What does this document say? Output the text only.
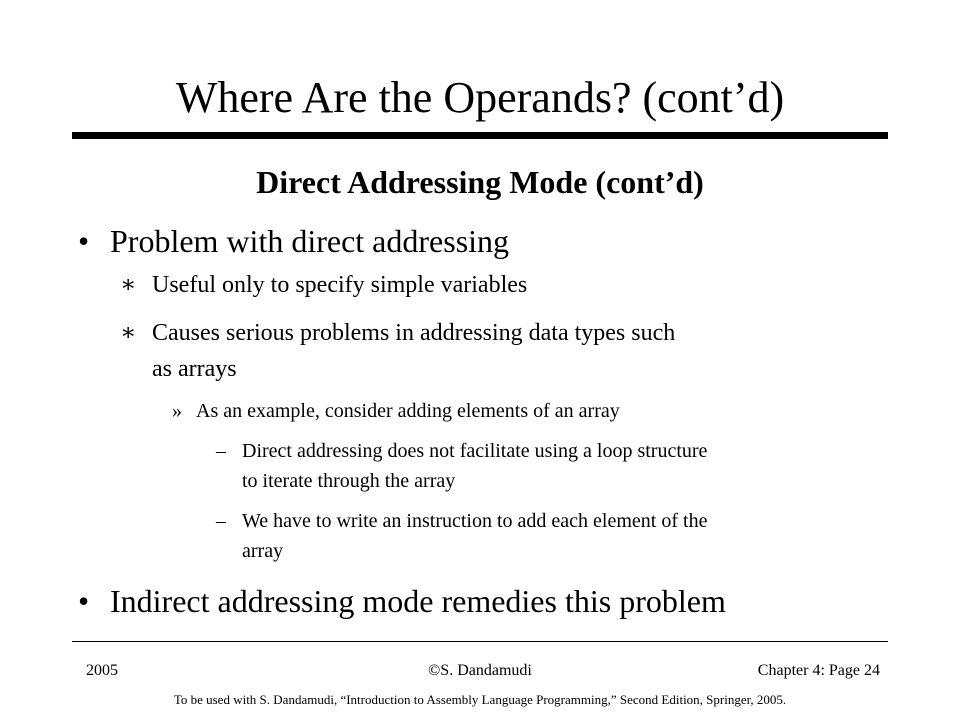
Where Are the Operands? (cont’d)
Direct Addressing Mode (cont’d)
• Problem with direct addressing
∗ Useful only to specify simple variables
∗ Causes serious problems in addressing data types such
as arrays
» As an example, consider adding elements of an array
– Direct addressing does not facilitate using a loop structure
to iterate through the array
– We have to write an instruction to add each element of the
array
• Indirect addressing mode remedies this problem
2005	©S. Dandamudi	Chapter 4: Page 24
To be used with S. Dandamudi, “Introduction to Assembly Language Programming,” Second Edition, Springer, 2005.
